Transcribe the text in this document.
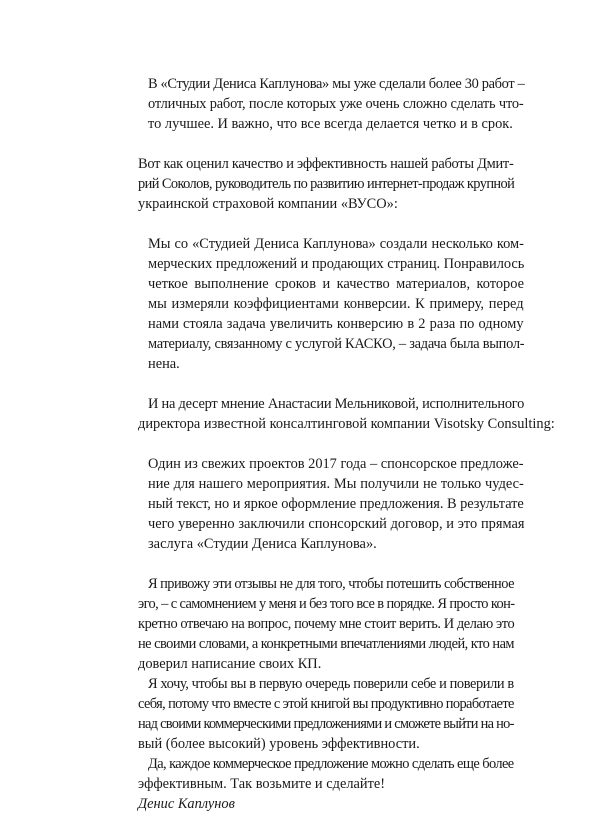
В «Студии Дениса Каплунова» мы уже сделали более 30 работ –
отличных работ, после которых уже очень сложно сделать что-
то лучшее. И важно, что все всегда делается четко и в срок.

Вот как оценил качество и эффективность нашей работы Дмит-
рий Соколов, руководитель по развитию интернет-продаж крупной
украинской страховой компании «ВУСО»:

Мы со «Студией Дениса Каплунова» создали несколько ком-
мерческих предложений и продающих страниц. Понравилось
четкое выполнение сроков и качество материалов, которое
мы измеряли коэффициентами конверсии. К примеру, перед
нами стояла задача увеличить конверсию в 2 раза по одному
материалу, связанному с услугой КАСКО, – задача была выпол-
нена.

И на десерт мнение Анастасии Мельниковой, исполнительного
директора известной консалтинговой компании Visotsky Consulting:

Один из свежих проектов 2017 года – спонсорское предложе-
ние для нашего мероприятия. Мы получили не только чудес-
ный текст, но и яркое оформление предложения. В результате
чего уверенно заключили спонсорский договор, и это прямая
заслуга «Студии Дениса Каплунова».

Я привожу эти отзывы не для того, чтобы потешить собственное
эго, – с самомнением у меня и без того все в порядке. Я просто кон-
кретно отвечаю на вопрос, почему мне стоит верить. И делаю это
не своими словами, а конкретными впечатлениями людей, кто нам
доверил написание своих КП.

Я хочу, чтобы вы в первую очередь поверили себе и поверили в
себя, потому что вместе с этой книгой вы продуктивно поработаете
над своими коммерческими предложениями и сможете выйти на но-
вый (более высокий) уровень эффективности.

Да, каждое коммерческое предложение можно сделать еще более
эффективным. Так возьмите и сделайте!

Денис Каплунов
